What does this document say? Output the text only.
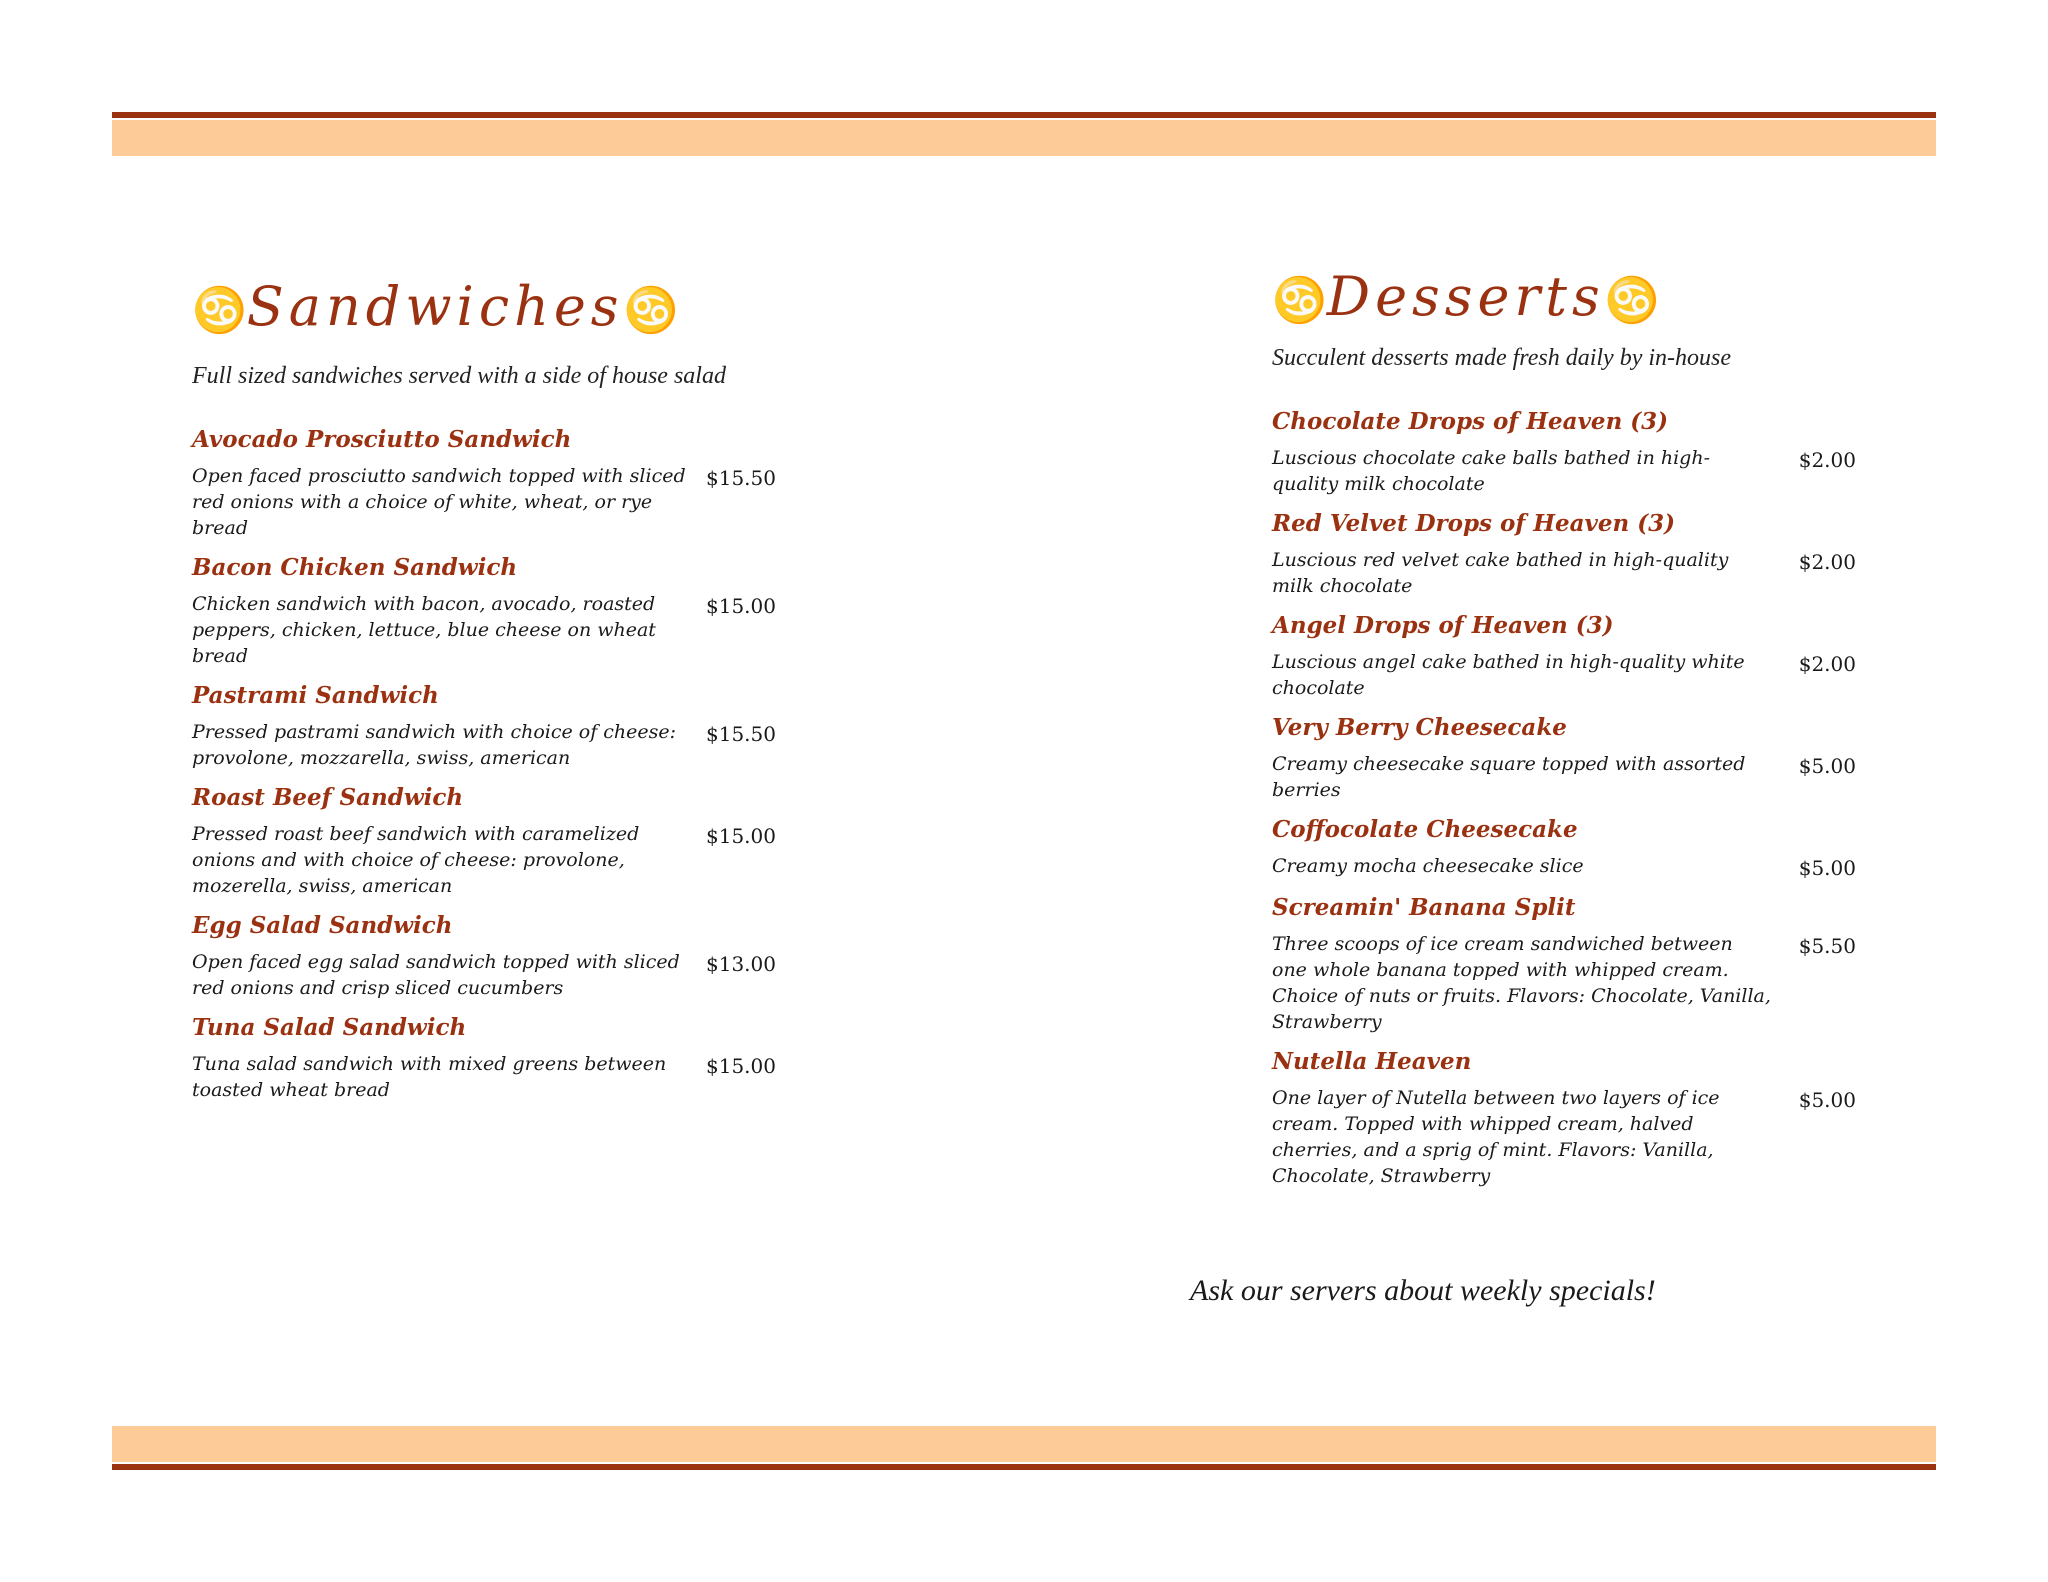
♋Sandwiches♋
Full sized sandwiches served with a side of house salad
Avocado Prosciutto Sandwich
Open faced prosciutto sandwich topped with sliced red onions with a choice of white, wheat, or rye bread
$15.50
Bacon Chicken Sandwich
Chicken sandwich with bacon, avocado, roasted peppers, chicken, lettuce, blue cheese on wheat bread
$15.00
Pastrami Sandwich
Pressed pastrami sandwich with choice of cheese: provolone, mozzarella, swiss, american
$15.50
Roast Beef Sandwich
Pressed roast beef sandwich with caramelized onions and with choice of cheese: provolone, mozerella, swiss, american
$15.00
Egg Salad Sandwich
Open faced egg salad sandwich topped with sliced red onions and crisp sliced cucumbers
$13.00
Tuna Salad Sandwich
Tuna salad sandwich with mixed greens between toasted wheat bread
$15.00
♋Desserts♋
Succulent desserts made fresh daily by in-house
Chocolate Drops of Heaven (3)
Luscious chocolate cake balls bathed in high-quality milk chocolate
$2.00
Red Velvet Drops of Heaven (3)
Luscious red velvet cake bathed in high-quality milk chocolate
$2.00
Angel Drops of Heaven (3)
Luscious angel cake bathed in high-quality white chocolate
$2.00
Very Berry Cheesecake
Creamy cheesecake square topped with assorted berries
$5.00
Coffocolate Cheesecake
Creamy mocha cheesecake slice	$5.00
Screamin' Banana Split
Three scoops of ice cream sandwiched between one whole banana topped with whipped cream. Choice of nuts or fruits. Flavors: Chocolate, Vanilla, Strawberry
$5.50
Nutella Heaven
One layer of Nutella between two layers of ice cream. Topped with whipped cream, halved cherries, and a sprig of mint. Flavors: Vanilla, Chocolate, Strawberry
$5.00
Ask our servers about weekly specials!
